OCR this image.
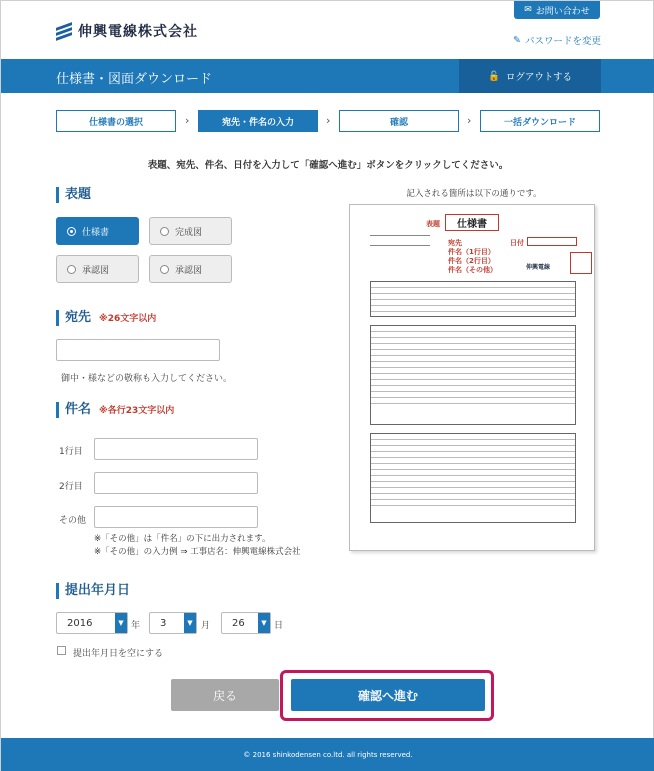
伸興電線株式会社
✉ お問い合わせ
✎ パスワードを変更
仕様書・図面ダウンロード	🔓 ログアウトする
仕様書の選択	›	宛先・件名の入力	›	確認	›	一括ダウンロード
表題、宛先、件名、日付を入力して「確認へ進む」ボタンをクリックしてください。
表題
仕様書	完成図
承認図	承認図
宛先 ※26文字以内
御中・様などの敬称も入力してください。
件名 ※各行23文字以内
1行目
2行目
その他
※「その他」は「件名」の下に出力されます。
※「その他」の入力例 ⇒ 工事店名：伸興電線株式会社
提出年月日
2016	▼ 年 3	▼ 月 26	▼ 日
提出年月日を空にする
記入される箇所は以下の通りです。
表題	仕様書
日付
宛先
件名（1行目）
件名（2行目）
件名（その他）	伸興電線
戻る	確認へ進む
© 2016 shinkodensen co.ltd. all rights reserved.
